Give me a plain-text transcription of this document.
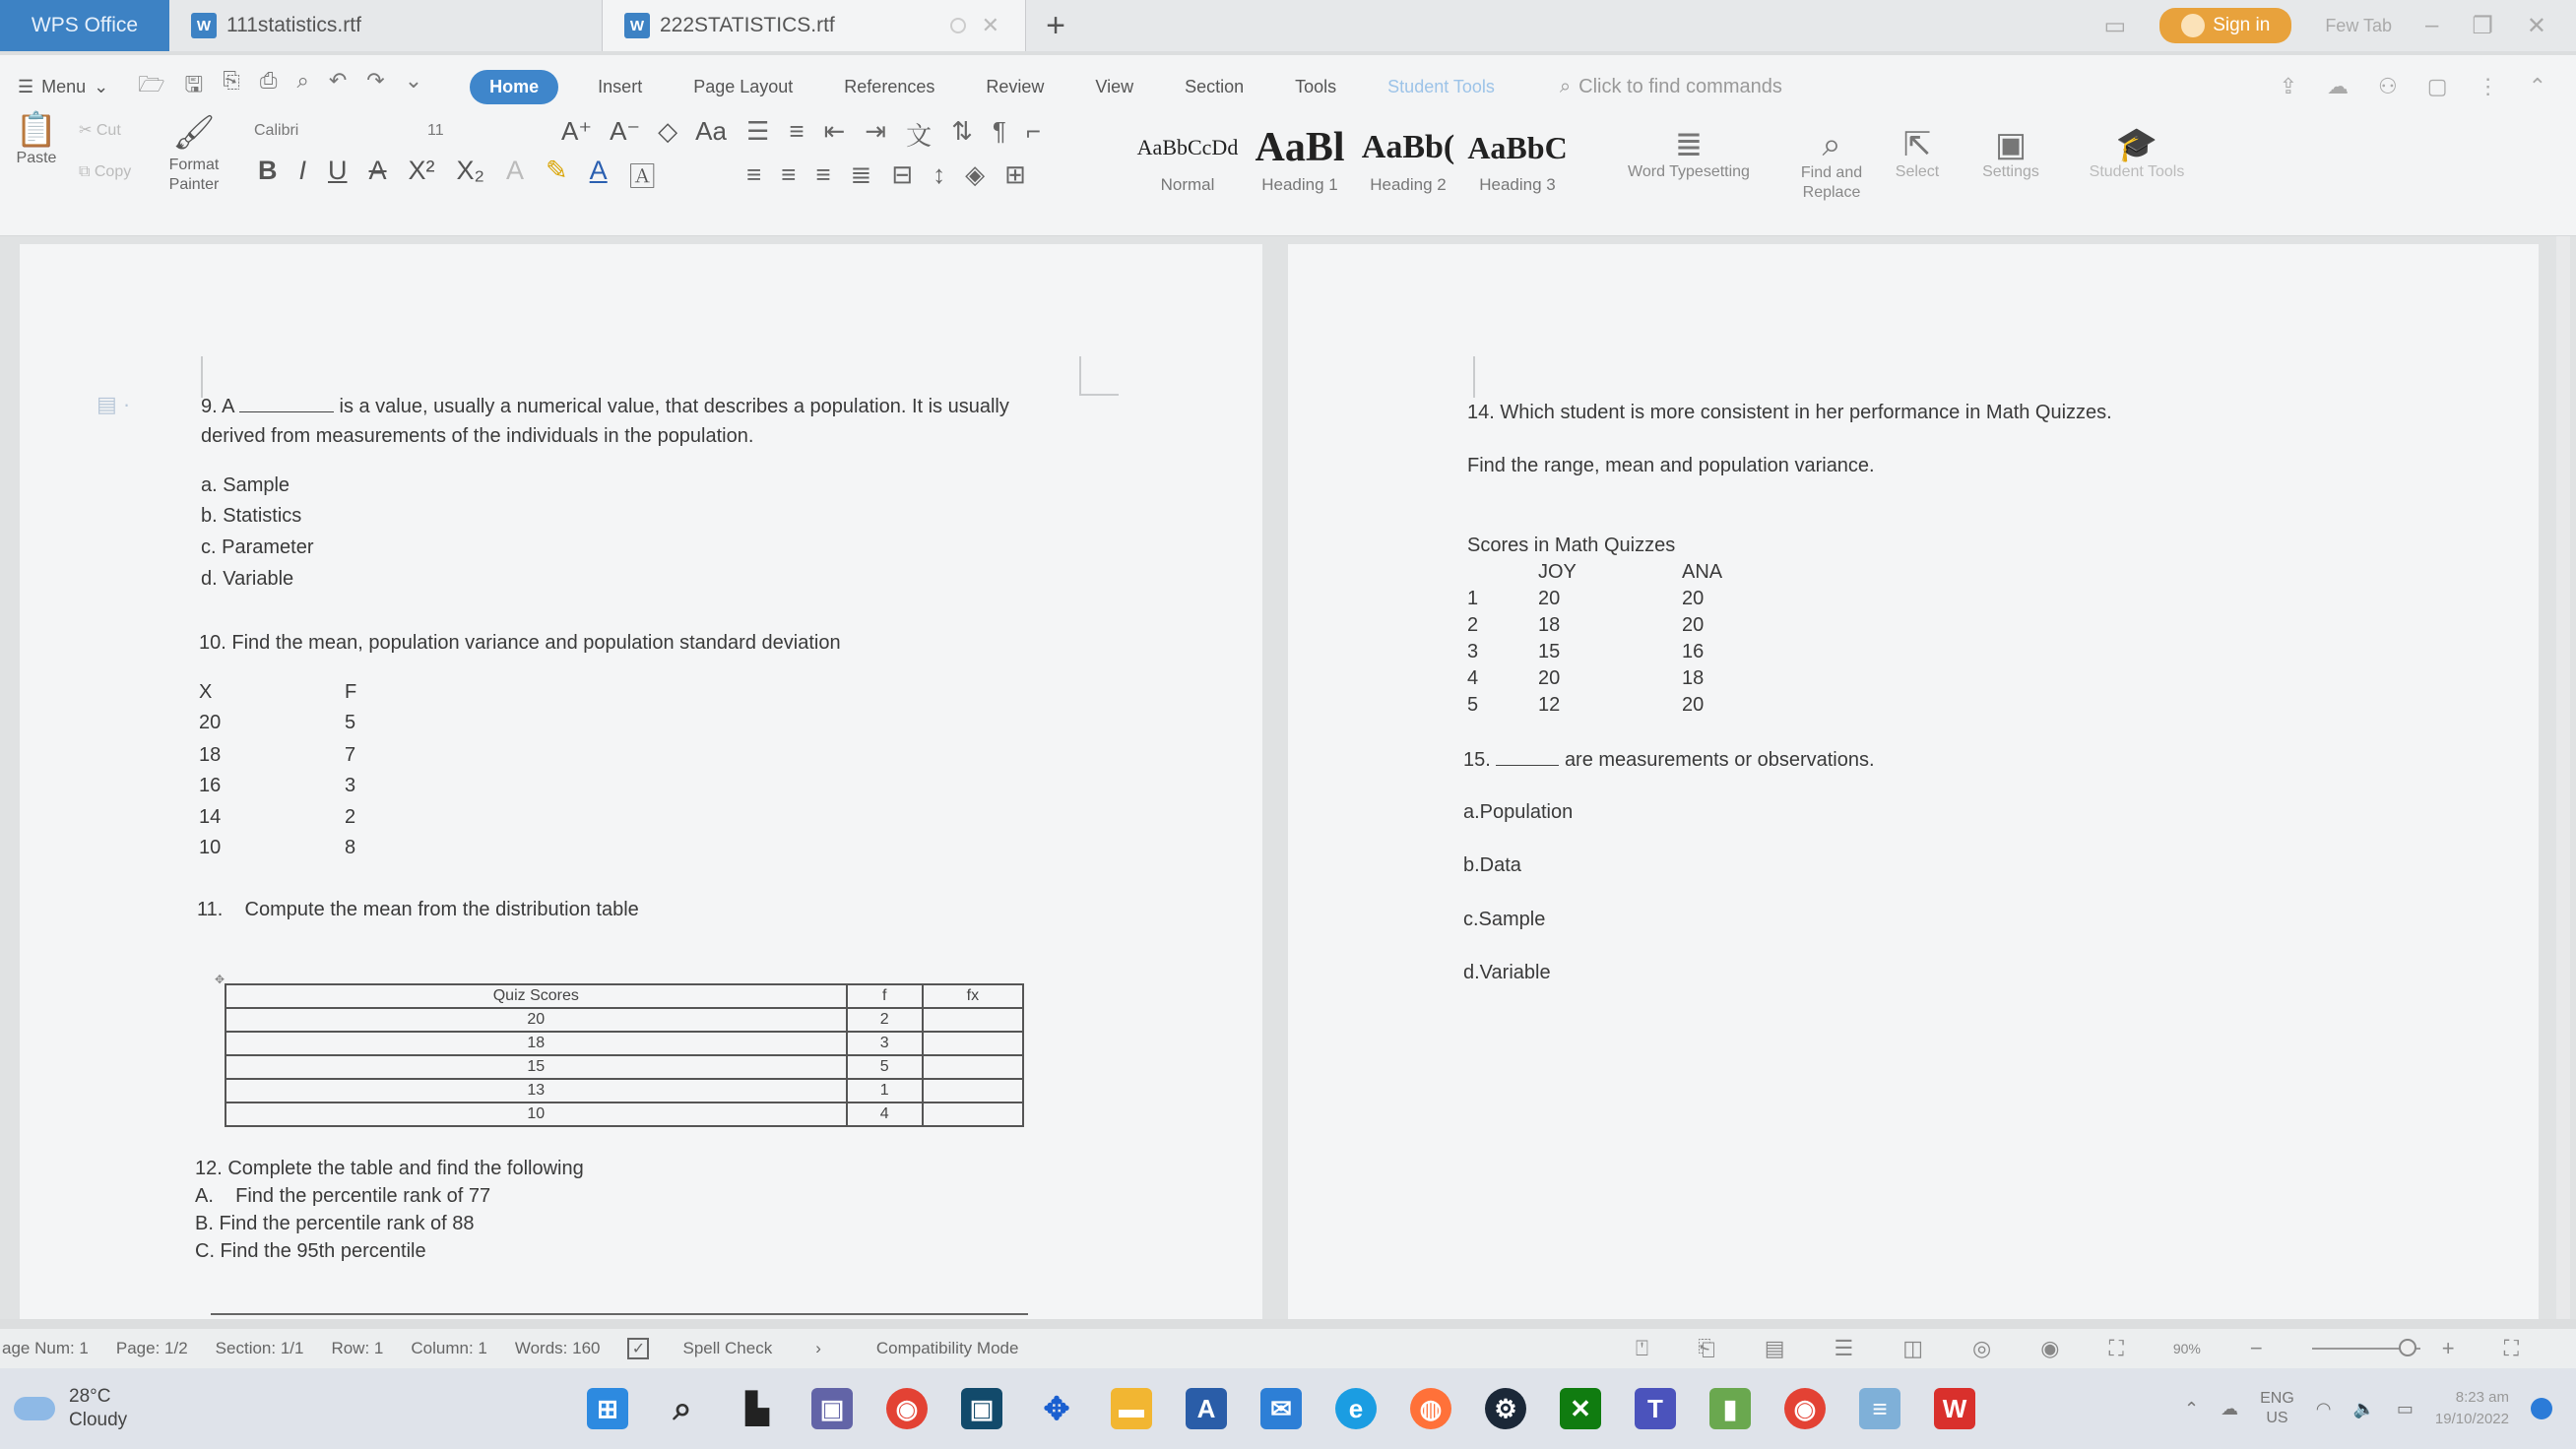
WPS Office	W 111statistics.rtf	W 222STATISTICS.rtf	✕	+	▭	Sign in	Few Tab – ❐ ✕
☰ Menu ⌄ 🗁 🖫 ⎘ ⎙ ⌕ ↶ ↷ ⌄	Home	Insert	Page Layout	References	Review	View	Section	Tools	Student Tools	⌕ Click to find commands	⇪ ☁ ⚇ ▢ ⋮ ⌃
📋
Paste
✂ Cut
⧉ Copy
🖌
Format Painter
Calibri	11	A⁺ A⁻ ◇ Aa
B I U A X² X₂ A ✎ A 🄰
☰ ≡ ⇤ ⇥ 文 ⇅ ¶ ⌐
≡ ≡ ≡ ≣ ⊟ ↕ ◈ ⊞
AaBbCcDd
Normal
AaBl
Heading 1
AaBb(
Heading 2
AaBbC
Heading 3
≣
Word Typesetting
⌕
Find and Replace
⇱
Select
▣
Settings
🎓
Student Tools
▤ ·	9. A	is a value, usually a numerical value, that describes a population. It is usually
derived from measurements of the individuals in the population.
a. Sample
b. Statistics
c. Parameter
d. Variable
10. Find the mean, population variance and population standard deviation
X	F
20	5
18	7
16	3
14	2
10	8
11.    Compute the mean from the distribution table
✥
Quiz Scores	f	fx
20	2	
18	3	
15	5	
13	1	
10	4	
12. Complete the table and find the following
A.    Find the percentile rank of 77
B. Find the percentile rank of 88
C. Find the 95th percentile
14. Which student is more consistent in her performance in Math Quizzes.
Find the range, mean and population variance.
Scores in Math Quizzes
JOY	ANA
1	20	20
2	18	20
3	15	16
4	20	18
5	12	20
15.	are measurements or observations.
a.Population
b.Data
c.Sample
d.Variable
age Num: 1 Page: 1/2 Section: 1/1 Row: 1 Column: 1 Words: 160 ✓ Spell Check	›	Compatibility Mode	⍞ ⎗ ▤ ☰ ◫ ◎ ◉ ⛶	90% −	+ ⛶
28°C
Cloudy	⊞	⌕	▙	▣	◉	▣ ✥	▬	A	✉	e	◍	⚙	✕	T	▮	◉	≡	W	⌃ ☁ ENG
US	◠ 🔈 ▭
8:23 am
19/10/2022
